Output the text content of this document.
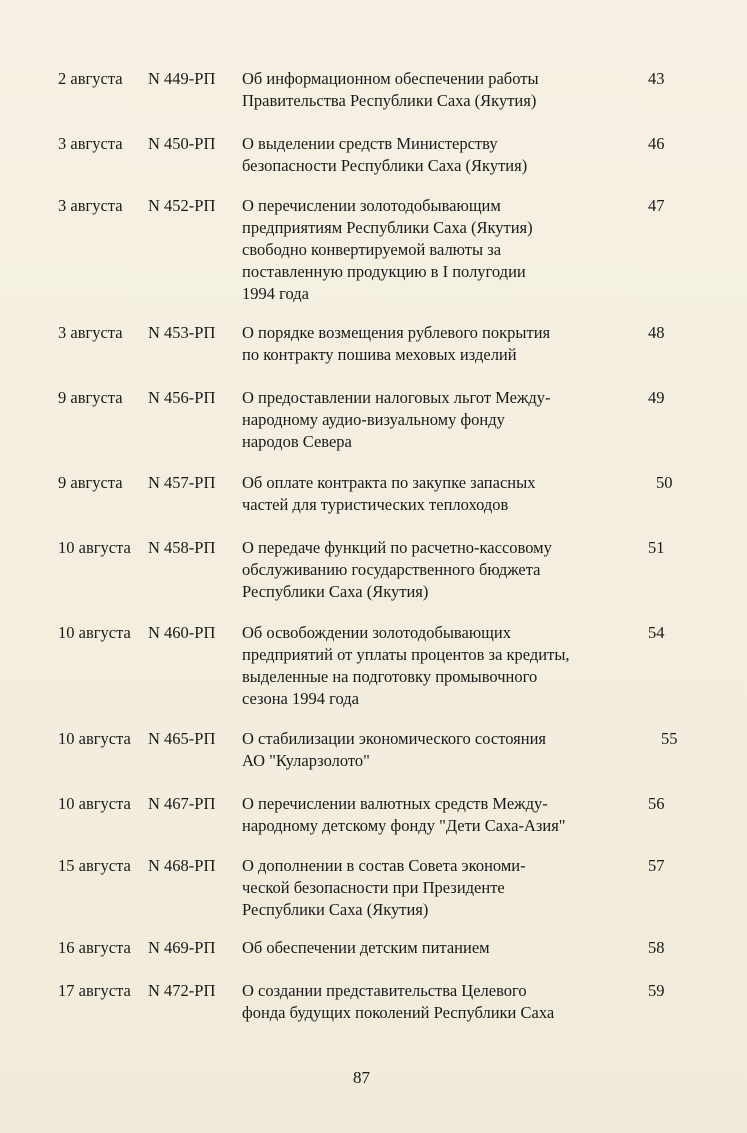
2 августа N 449-РП Об информационном обеспечении работы
Правительства Республики Саха (Якутия)
43
3 августа N 450-РП О выделении средств Министерству
безопасности Республики Саха (Якутия)
46
3 августа N 452-РП О перечислении золотодобывающим
предприятиям Республики Саха (Якутия)
свободно конвертируемой валюты за
поставленную продукцию в I полугодии
1994 года
47
3 августа N 453-РП О порядке возмещения рублевого покрытия
по контракту пошива меховых изделий
48
9 августа N 456-РП О предоставлении налоговых льгот Между-
народному аудио-визуальному фонду
народов Севера
49
9 августа N 457-РП Об оплате контракта по закупке запасных
частей для туристических теплоходов
50
10 августа N 458-РП О передаче функций по расчетно-кассовому
обслуживанию государственного бюджета
Республики Саха (Якутия)
51
10 августа N 460-РП Об освобождении золотодобывающих
предприятий от уплаты процентов за кредиты,
выделенные на подготовку промывочного
сезона 1994 года
54
10 августа N 465-РП О стабилизации экономического состояния
АО "Куларзолото"
55
10 августа N 467-РП О перечислении валютных средств Между-
народному детскому фонду "Дети Саха-Азия"
56
15 августа N 468-РП О дополнении в состав Совета экономи-
ческой безопасности при Президенте
Республики Саха (Якутия)
57
16 августа N 469-РП Об обеспечении детским питанием	58
17 августа N 472-РП О создании представительства Целевого
фонда будущих поколений Республики Саха
59
87
